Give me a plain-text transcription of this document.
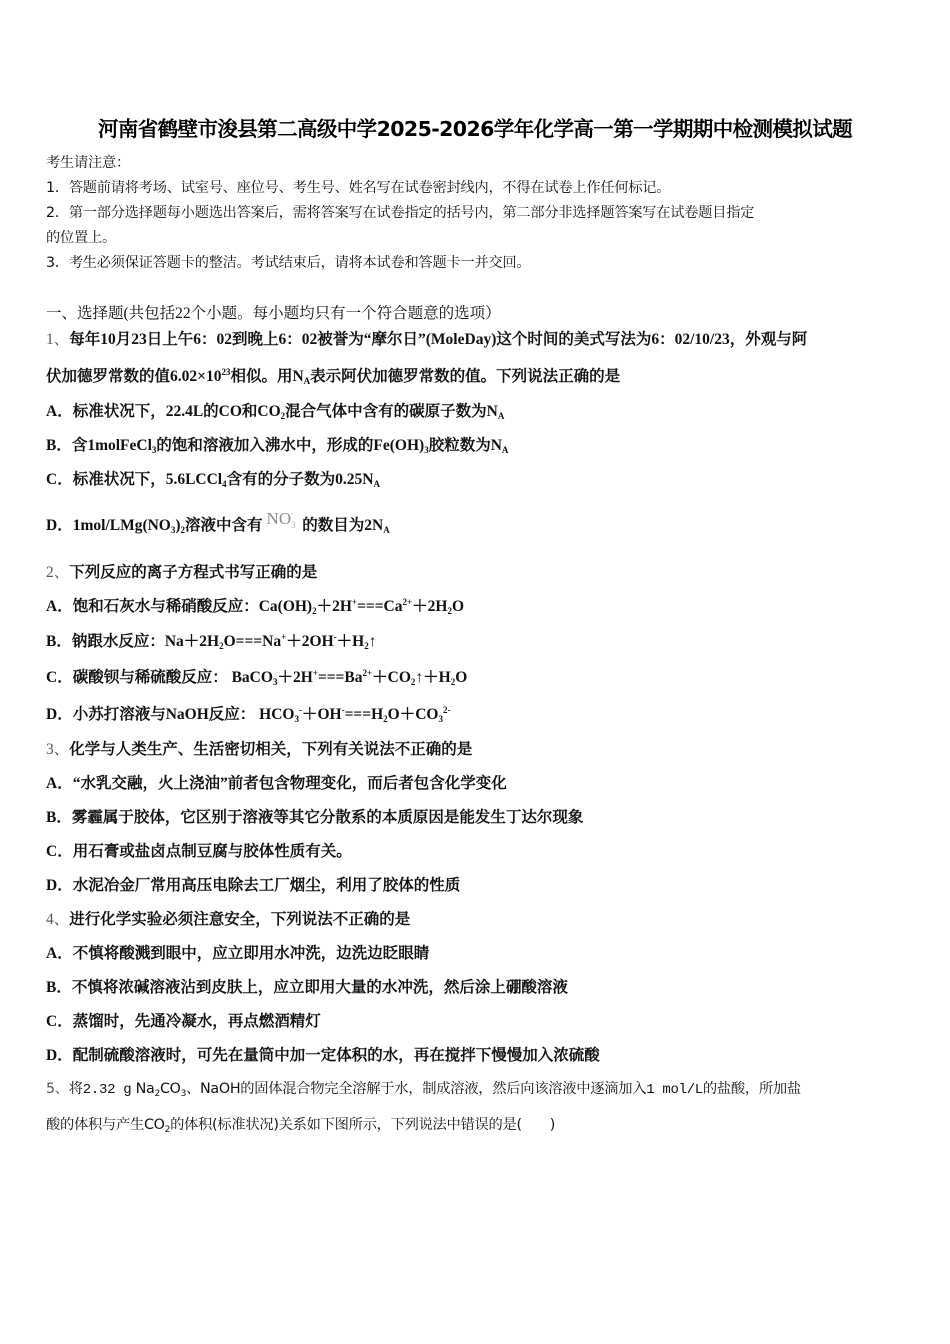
河南省鹤壁市浚县第二高级中学2025-2026学年化学高一第一学期期中检测模拟试题
考生请注意：
1．答题前请将考场、试室号、座位号、考生号、姓名写在试卷密封线内，不得在试卷上作任何标记。
2．第一部分选择题每小题选出答案后，需将答案写在试卷指定的括号内，第二部分非选择题答案写在试卷题目指定
的位置上。
3．考生必须保证答题卡的整洁。考试结束后，请将本试卷和答题卡一并交回。
一、选择题(共包括22个小题。每小题均只有一个符合题意的选项）
1、每年10月23日上午6：02到晚上6：02被誉为“摩尔日”(MoleDay)这个时间的美式写法为6：02/10/23，外观与阿
伏加德罗常数的值$6.02\times 10^{23}$相似。用$N_A$表示阿伏加德罗常数的值。下列说法正确的是
A．标准状况下，22.4L的CO和$CO_2$混合气体中含有的碳原子数为$N_A$
B．含1molFeCl$_3$的饱和溶液加入沸水中，形成的$Fe(OH)_3$胶粒数为$N_A$
C．标准状况下，5.6LCCl$_4$含有的分子数为$0.25N_A$
D．$1mol/LMg(NO_3)_2$溶液中含有 $NO_3^-$的数目为$2N_A$
2、下列反应的离子方程式书写正确的是
A．饱和石灰水与稀硝酸反应：$Ca(OH)_2+2H^+===Ca^{2+}+2H_2O$
B．钠跟水反应：$Na+2H_2O===Na^++2OH^-+H_2↑$
C．碳酸钡与稀硫酸反应： $BaCO_3+2H^+===Ba^{2+}+CO_2↑+H_2O$
D．小苏打溶液与NaOH反应： $HCO_3^-+OH^-===H_2O+CO_3^{2-}$
3、化学与人类生产、生活密切相关，下列有关说法不正确的是
A．“水乳交融，火上浇油”前者包含物理变化，而后者包含化学变化
B．雾霾属于胶体，它区别于溶液等其它分散系的本质原因是能发生丁达尔现象
C．用石膏或盐卤点制豆腐与胶体性质有关。
D．水泥冶金厂常用高压电除去工厂烟尘，利用了胶体的性质
4、进行化学实验必须注意安全，下列说法不正确的是
A．不慎将酸溅到眼中，应立即用水冲洗，边洗边眨眼睛
B．不慎将浓碱溶液沾到皮肤上，应立即用大量的水冲洗，然后涂上硼酸溶液
C．蒸馏时，先通冷凝水，再点燃酒精灯
D．配制硫酸溶液时，可先在量筒中加一定体积的水，再在搅拌下慢慢加入浓硫酸
5、将2.32 g $Na_2CO_3$、NaOH的固体混合物完全溶解于水，制成溶液，然后向该溶液中逐滴加入1 mol/L的盐酸，所加盐
酸的体积与产生$CO_2$的体积(标准状况)关系如下图所示，下列说法中错误的是(　　)
